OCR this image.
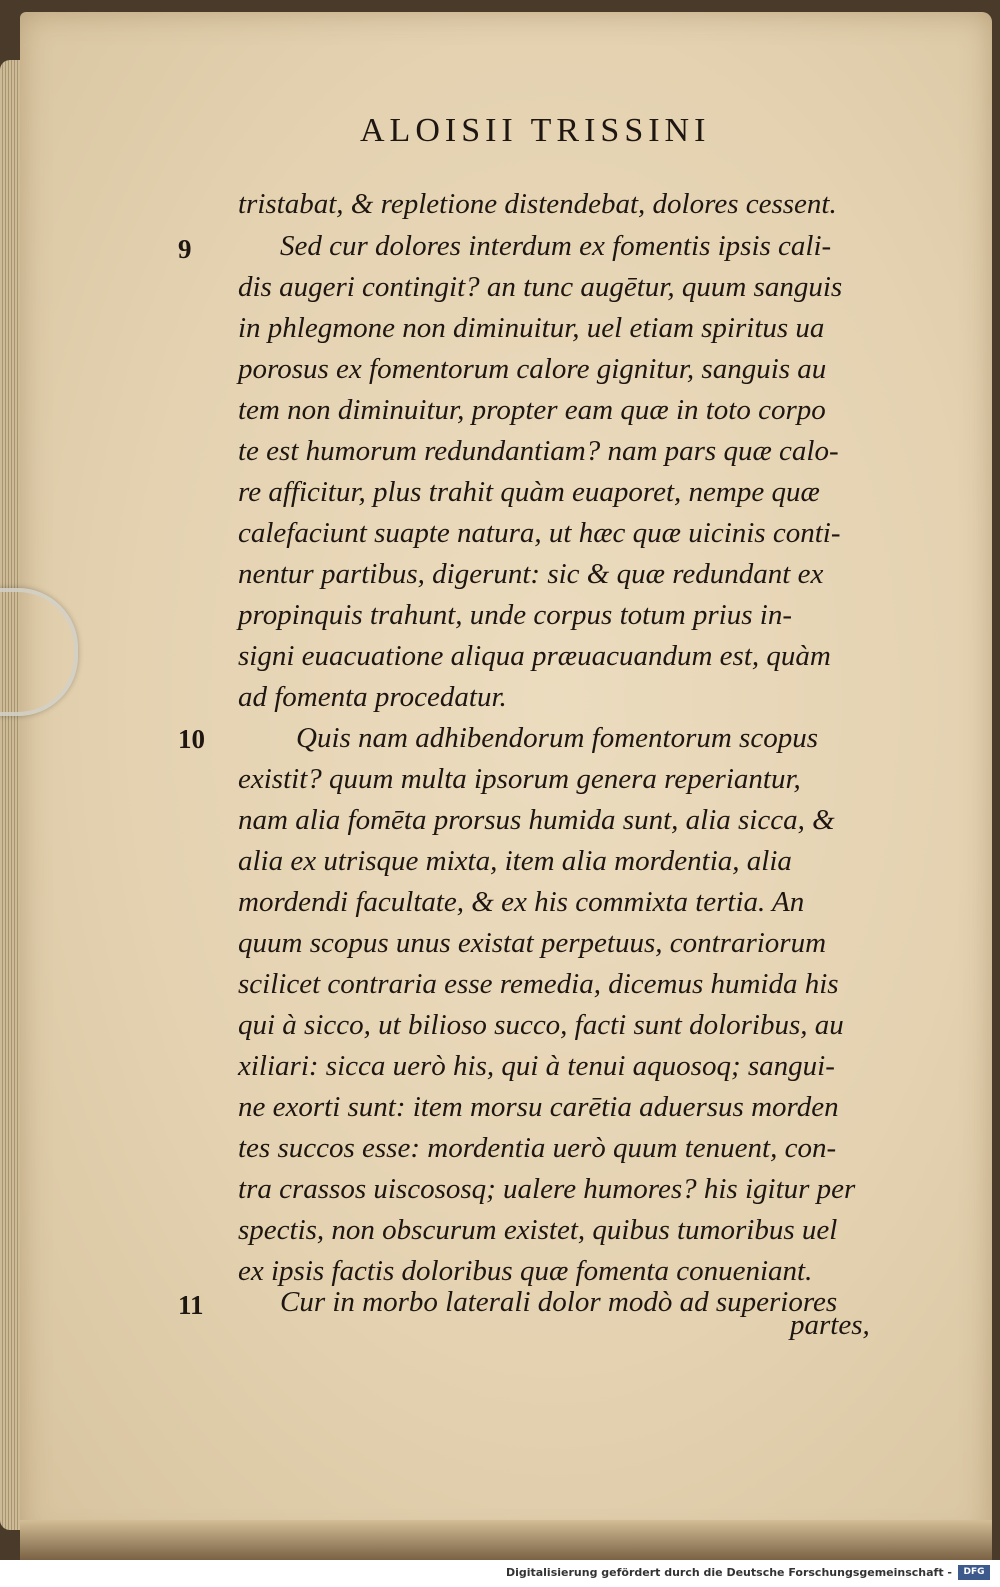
ALOISII TRISSINI
9
10
11
tristabat, & repletione distendebat, dolores cessent.
Sed cur dolores interdum ex fomentis ipsis cali-
dis augeri contingit? an tunc augētur, quum sanguis
in phlegmone non diminuitur, uel etiam spiritus ua
porosus ex fomentorum calore gignitur, sanguis au
tem non diminuitur, propter eam quæ in toto corpo
te est humorum redundantiam? nam pars quæ calo-
re afficitur, plus trahit quàm euaporet, nempe quæ
calefaciunt suapte natura, ut hæc quæ uicinis conti-
nentur partibus, digerunt: sic & quæ redundant ex
propinquis trahunt, unde corpus totum prius in-
signi euacuatione aliqua præuacuandum est, quàm
ad fomenta procedatur.
Quis nam adhibendorum fomentorum scopus
existit? quum multa ipsorum genera reperiantur,
nam alia fomēta prorsus humida sunt, alia sicca, &
alia ex utrisque mixta, item alia mordentia, alia
mordendi facultate, & ex his commixta tertia. An
quum scopus unus existat perpetuus, contrariorum
scilicet contraria esse remedia, dicemus humida his
qui à sicco, ut bilioso succo, facti sunt doloribus, au
xiliari: sicca uerò his, qui à tenui aquosoq; sangui-
ne exorti sunt: item morsu carētia aduersus morden
tes succos esse: mordentia uerò quum tenuent, con-
tra crassos uiscososq; ualere humores? his igitur per
spectis, non obscurum existet, quibus tumoribus uel
ex ipsis factis doloribus quæ fomenta conueniant.
Cur in morbo laterali dolor modò ad superiores
partes,
Digitalisierung gefördert durch die Deutsche Forschungsgemeinschaft -	DFG
